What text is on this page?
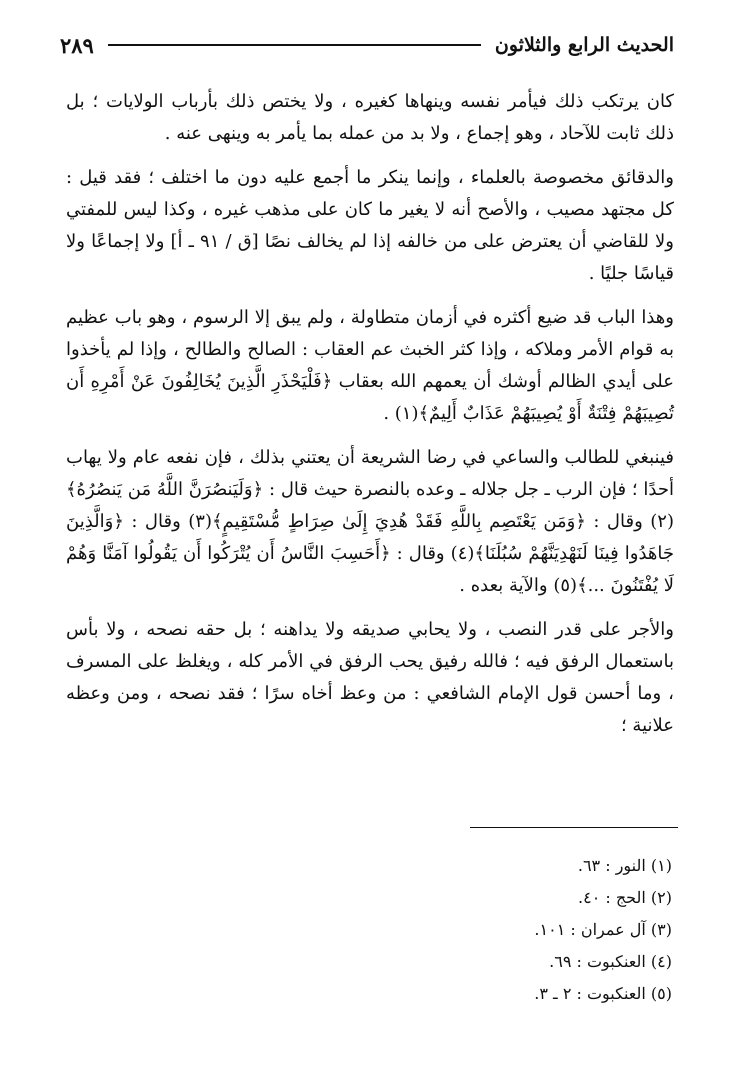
الحديث الرابع والثلاثون
٢٨٩

كان يرتكب ذلك فيأمر نفسه وينهاها كغيره ، ولا يختص ذلك بأرباب الولايات ؛ بل ذلك ثابت للآحاد ، وهو إجماع ، ولا بد من عمله بما يأمر به وينهى عنه .

والدقائق مخصوصة بالعلماء ، وإنما ينكر ما أجمع عليه دون ما اختلف ؛ فقد قيل : كل مجتهد مصيب ، والأصح أنه لا يغير ما كان على مذهب غيره ، وكذا ليس للمفتي ولا للقاضي أن يعترض على من خالفه إذا لم يخالف نصًا [ق / ٩١ ـ أ] ولا إجماعًا ولا قياسًا جليًا .

وهذا الباب قد ضيع أكثره في أزمان متطاولة ، ولم يبق إلا الرسوم ، وهو باب عظيم به قوام الأمر وملاكه ، وإذا كثر الخبث عم العقاب : الصالح والطالح ، وإذا لم يأخذوا على أيدي الظالم أوشك أن يعمهم الله بعقاب ﴿فَلْيَحْذَرِ الَّذِينَ يُخَالِفُونَ عَنْ أَمْرِهِ أَن تُصِيبَهُمْ فِتْنَةٌ أَوْ يُصِيبَهُمْ عَذَابٌ أَلِيمٌ﴾(١) .

فينبغي للطالب والساعي في رضا الشريعة أن يعتني بذلك ، فإن نفعه عام ولا يهاب أحدًا ؛ فإن الرب ـ جل جلاله ـ وعده بالنصرة حيث قال : ﴿وَلَيَنصُرَنَّ اللَّهُ مَن يَنصُرُهُ﴾(٢) وقال : ﴿وَمَن يَعْتَصِم بِاللَّهِ فَقَدْ هُدِيَ إِلَىٰ صِرَاطٍ مُّسْتَقِيمٍ﴾(٣) وقال : ﴿وَالَّذِينَ جَاهَدُوا فِينَا لَنَهْدِيَنَّهُمْ سُبُلَنَا﴾(٤) وقال : ﴿أَحَسِبَ النَّاسُ أَن يُتْرَكُوا أَن يَقُولُوا آمَنَّا وَهُمْ لَا يُفْتَنُونَ ...﴾(٥) والآية بعده .

والأجر على قدر النصب ، ولا يحابي صديقه ولا يداهنه ؛ بل حقه نصحه ، ولا بأس باستعمال الرفق فيه ؛ فالله رفيق يحب الرفق في الأمر كله ، ويغلظ على المسرف ، وما أحسن قول الإمام الشافعي : من وعظ أخاه سرًا ؛ فقد نصحه ، ومن وعظه علانية ؛

(١) النور : ٦٣.
(٢) الحج : ٤٠.
(٣) آل عمران : ١٠١.
(٤) العنكبوت : ٦٩.
(٥) العنكبوت : ٢ ـ ٣.
